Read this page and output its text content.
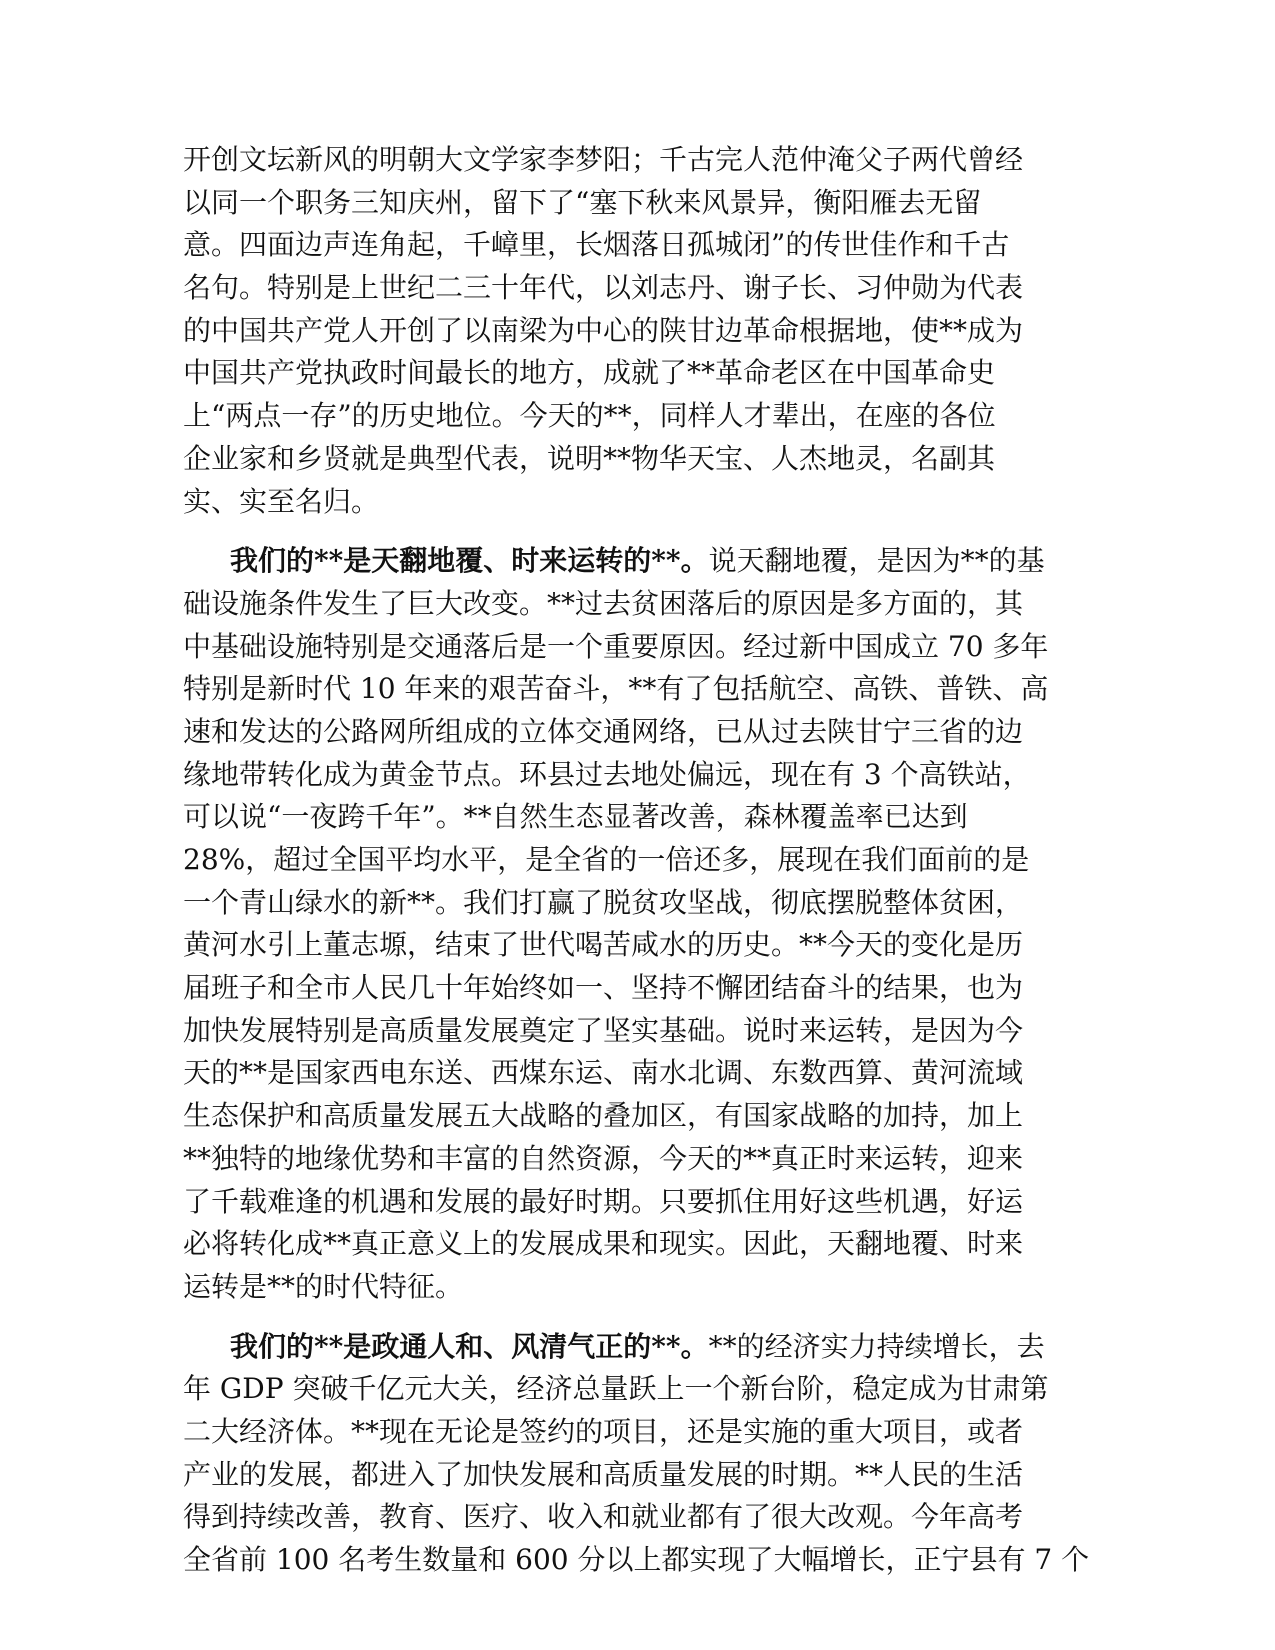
开创文坛新风的明朝大文学家李梦阳；千古完人范仲淹父子两代曾经
以同一个职务三知庆州，留下了“塞下秋来风景异，衡阳雁去无留
意。四面边声连角起，千嶂里，长烟落日孤城闭”的传世佳作和千古
名句。特别是上世纪二三十年代，以刘志丹、谢子长、习仲勋为代表
的中国共产党人开创了以南梁为中心的陕甘边革命根据地，使**成为
中国共产党执政时间最长的地方，成就了**革命老区在中国革命史
上“两点一存”的历史地位。今天的**，同样人才辈出，在座的各位
企业家和乡贤就是典型代表，说明**物华天宝、人杰地灵，名副其
实、实至名归。
我们的**是天翻地覆、时来运转的**。说天翻地覆，是因为**的基
础设施条件发生了巨大改变。**过去贫困落后的原因是多方面的，其
中基础设施特别是交通落后是一个重要原因。经过新中国成立 70 多年
特别是新时代 10 年来的艰苦奋斗，**有了包括航空、高铁、普铁、高
速和发达的公路网所组成的立体交通网络，已从过去陕甘宁三省的边
缘地带转化成为黄金节点。环县过去地处偏远，现在有 3 个高铁站，
可以说“一夜跨千年”。**自然生态显著改善，森林覆盖率已达到
28%，超过全国平均水平，是全省的一倍还多，展现在我们面前的是
一个青山绿水的新**。我们打赢了脱贫攻坚战，彻底摆脱整体贫困，
黄河水引上董志塬，结束了世代喝苦咸水的历史。**今天的变化是历
届班子和全市人民几十年始终如一、坚持不懈团结奋斗的结果，也为
加快发展特别是高质量发展奠定了坚实基础。说时来运转，是因为今
天的**是国家西电东送、西煤东运、南水北调、东数西算、黄河流域
生态保护和高质量发展五大战略的叠加区，有国家战略的加持，加上
**独特的地缘优势和丰富的自然资源，今天的**真正时来运转，迎来
了千载难逢的机遇和发展的最好时期。只要抓住用好这些机遇，好运
必将转化成**真正意义上的发展成果和现实。因此，天翻地覆、时来
运转是**的时代特征。
我们的**是政通人和、风清气正的**。**的经济实力持续增长，去
年 GDP 突破千亿元大关，经济总量跃上一个新台阶，稳定成为甘肃第
二大经济体。**现在无论是签约的项目，还是实施的重大项目，或者
产业的发展，都进入了加快发展和高质量发展的时期。**人民的生活
得到持续改善，教育、医疗、收入和就业都有了很大改观。今年高考
全省前 100 名考生数量和 600 分以上都实现了大幅增长，正宁县有 7 个
